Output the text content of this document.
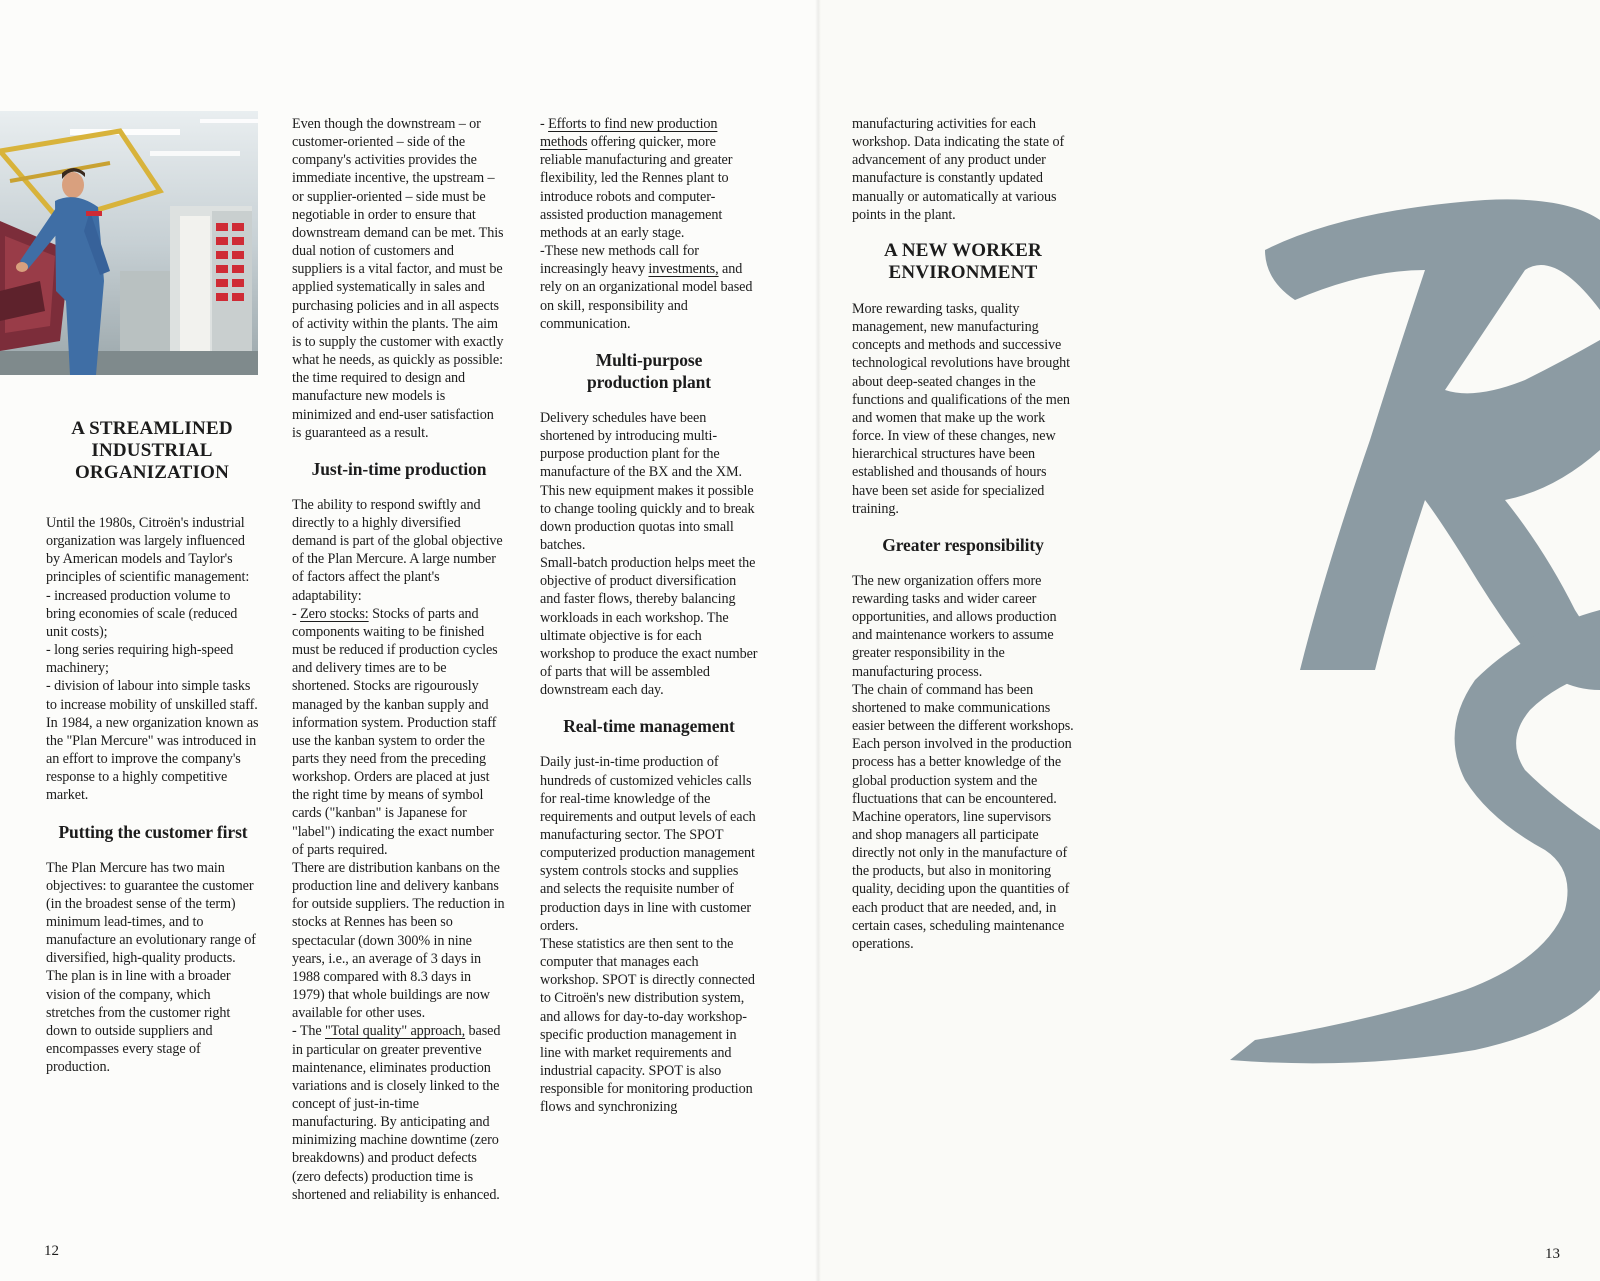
A STREAMLINED
INDUSTRIAL
ORGANIZATION

Until the 1980s, Citroën's industrial organization was largely influenced by American models and Taylor's principles of scientific management:

- increased production volume to bring economies of scale (reduced unit costs);

- long series requiring high-speed machinery;

- division of labour into simple tasks to increase mobility of unskilled staff.

In 1984, a new organization known as the "Plan Mercure" was introduced in an effort to improve the company's response to a highly competitive market.

Putting the customer first

The Plan Mercure has two main objectives: to guarantee the customer (in the broadest sense of the term) minimum lead-times, and to manufacture an evolutionary range of diversified, high-quality products. The plan is in line with a broader vision of the company, which stretches from the customer right down to outside suppliers and encompasses every stage of production.

Even though the downstream – or customer-oriented – side of the company's activities provides the immediate incentive, the upstream – or supplier-oriented – side must be negotiable in order to ensure that downstream demand can be met. This dual notion of customers and suppliers is a vital factor, and must be applied systematically in sales and purchasing policies and in all aspects of activity within the plants. The aim is to supply the customer with exactly what he needs, as quickly as possible: the time required to design and manufacture new models is minimized and end-user satisfaction is guaranteed as a result.

Just-in-time production

The ability to respond swiftly and directly to a highly diversified demand is part of the global objective of the Plan Mercure. A large number of factors affect the plant's adaptability:

- Zero stocks: Stocks of parts and components waiting to be finished must be reduced if production cycles and delivery times are to be shortened. Stocks are rigourously managed by the kanban supply and information system. Production staff use the kanban system to order the parts they need from the preceding workshop. Orders are placed at just the right time by means of symbol cards ("kanban" is Japanese for "label") indicating the exact number of parts required.

There are distribution kanbans on the production line and delivery kanbans for outside suppliers. The reduction in stocks at Rennes has been so spectacular (down 300% in nine years, i.e., an average of 3 days in 1988 compared with 8.3 days in 1979) that whole buildings are now available for other uses.

- The "Total quality" approach, based in particular on greater preventive maintenance, eliminates production variations and is closely linked to the concept of just-in-time manufacturing. By anticipating and minimizing machine downtime (zero breakdowns) and product defects (zero defects) production time is shortened and reliability is enhanced.

- Efforts to find new production methods offering quicker, more reliable manufacturing and greater flexibility, led the Rennes plant to introduce robots and computer-assisted production management methods at an early stage.

-These new methods call for increasingly heavy investments, and rely on an organizational model based on skill, responsibility and communication.

Multi-purpose
production plant

Delivery schedules have been shortened by introducing multi-purpose production plant for the manufacture of the BX and the XM. This new equipment makes it possible to change tooling quickly and to break down production quotas into small batches.

Small-batch production helps meet the objective of product diversification and faster flows, thereby balancing workloads in each workshop. The ultimate objective is for each workshop to produce the exact number of parts that will be assembled downstream each day.

Real-time management

Daily just-in-time production of hundreds of customized vehicles calls for real-time knowledge of the requirements and output levels of each manufacturing sector. The SPOT computerized production management system controls stocks and supplies and selects the requisite number of production days in line with customer orders.

These statistics are then sent to the computer that manages each workshop. SPOT is directly connected to Citroën's new distribution system, and allows for day-to-day workshop-specific production management in line with market requirements and industrial capacity. SPOT is also responsible for monitoring production flows and synchronizing

manufacturing activities for each workshop. Data indicating the state of advancement of any product under manufacture is constantly updated manually or automatically at various points in the plant.

A NEW WORKER
ENVIRONMENT

More rewarding tasks, quality management, new manufacturing concepts and methods and successive technological revolutions have brought about deep-seated changes in the functions and qualifications of the men and women that make up the work force. In view of these changes, new hierarchical structures have been established and thousands of hours have been set aside for specialized training.

Greater responsibility

The new organization offers more rewarding tasks and wider career opportunities, and allows production and maintenance workers to assume greater responsibility in the manufacturing process.

The chain of command has been shortened to make communications easier between the different workshops. Each person involved in the production process has a better knowledge of the global production system and the fluctuations that can be encountered. Machine operators, line supervisors and shop managers all participate directly not only in the manufacture of the products, but also in monitoring quality, deciding upon the quantities of each product that are needed, and, in certain cases, scheduling maintenance operations.

12	13
